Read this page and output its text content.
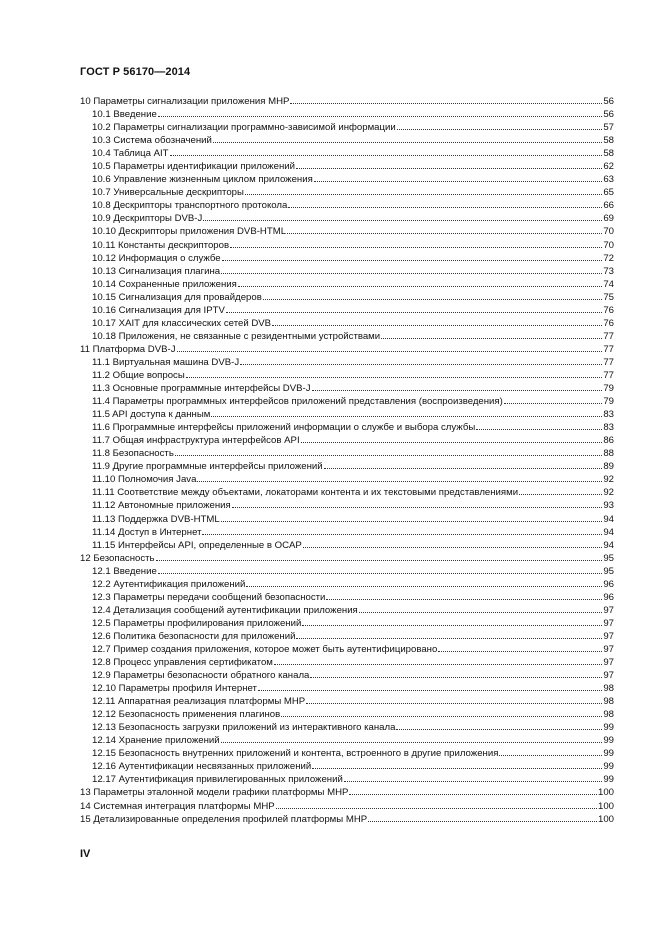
ГОСТ Р 56170—2014
10 Параметры сигнализации приложения MHP	56
10.1 Введение	56
10.2 Параметры сигнализации программно-зависимой информации	57
10.3 Система обозначений	58
10.4 Таблица AIT	58
10.5 Параметры идентификации приложений	62
10.6 Управление жизненным циклом приложения	63
10.7 Универсальные дескрипторы	65
10.8 Дескрипторы транспортного протокола	66
10.9 Дескрипторы DVB-J	69
10.10 Дескрипторы приложения DVB-HTML	70
10.11 Константы дескрипторов	70
10.12 Информация о службе	72
10.13 Сигнализация плагина	73
10.14 Сохраненные приложения	74
10.15 Сигнализация для провайдеров	75
10.16 Сигнализация для IPTV	76
10.17 XAIT для классических сетей DVB	76
10.18 Приложения, не связанные с резидентными устройствами	77
11 Платформа DVB-J	77
11.1 Виртуальная машина DVB-J	77
11.2 Общие вопросы	77
11.3 Основные программные интерфейсы DVB-J	79
11.4 Параметры программных интерфейсов приложений представления (воспроизведения)	79
11.5 API доступа к данным	83
11.6 Программные интерфейсы приложений информации о службе и выбора службы	83
11.7 Общая инфраструктура интерфейсов API	86
11.8 Безопасность	88
11.9 Другие программные интерфейсы приложений	89
11.10 Полномочия Java	92
11.11 Соответствие между объектами, локаторами контента и их текстовыми представлениями	92
11.12 Автономные приложения	93
11.13 Поддержка DVB-HTML	94
11.14 Доступ в Интернет	94
11.15 Интерфейсы API, определенные в OCAP	94
12 Безопасность	95
12.1 Введение	95
12.2 Аутентификация приложений	96
12.3 Параметры передачи сообщений безопасности	96
12.4 Детализация сообщений аутентификации приложения	97
12.5 Параметры профилирования приложений	97
12.6 Политика безопасности для приложений	97
12.7 Пример создания приложения, которое может быть аутентифицировано	97
12.8 Процесс управления сертификатом	97
12.9 Параметры безопасности обратного канала	97
12.10 Параметры профиля Интернет	98
12.11 Аппаратная реализация платформы MHP	98
12.12 Безопасность применения плагинов	98
12.13 Безопасность загрузки приложений из интерактивного канала	99
12.14 Хранение приложений	99
12.15 Безопасность внутренних приложений и контента, встроенного в другие приложения	99
12.16 Аутентификации несвязанных приложений	99
12.17 Аутентификация привилегированных приложений	99
13 Параметры эталонной модели графики платформы MHP	100
14 Системная интеграция платформы MHP	100
15 Детализированные определения профилей платформы MHP	100
IV
